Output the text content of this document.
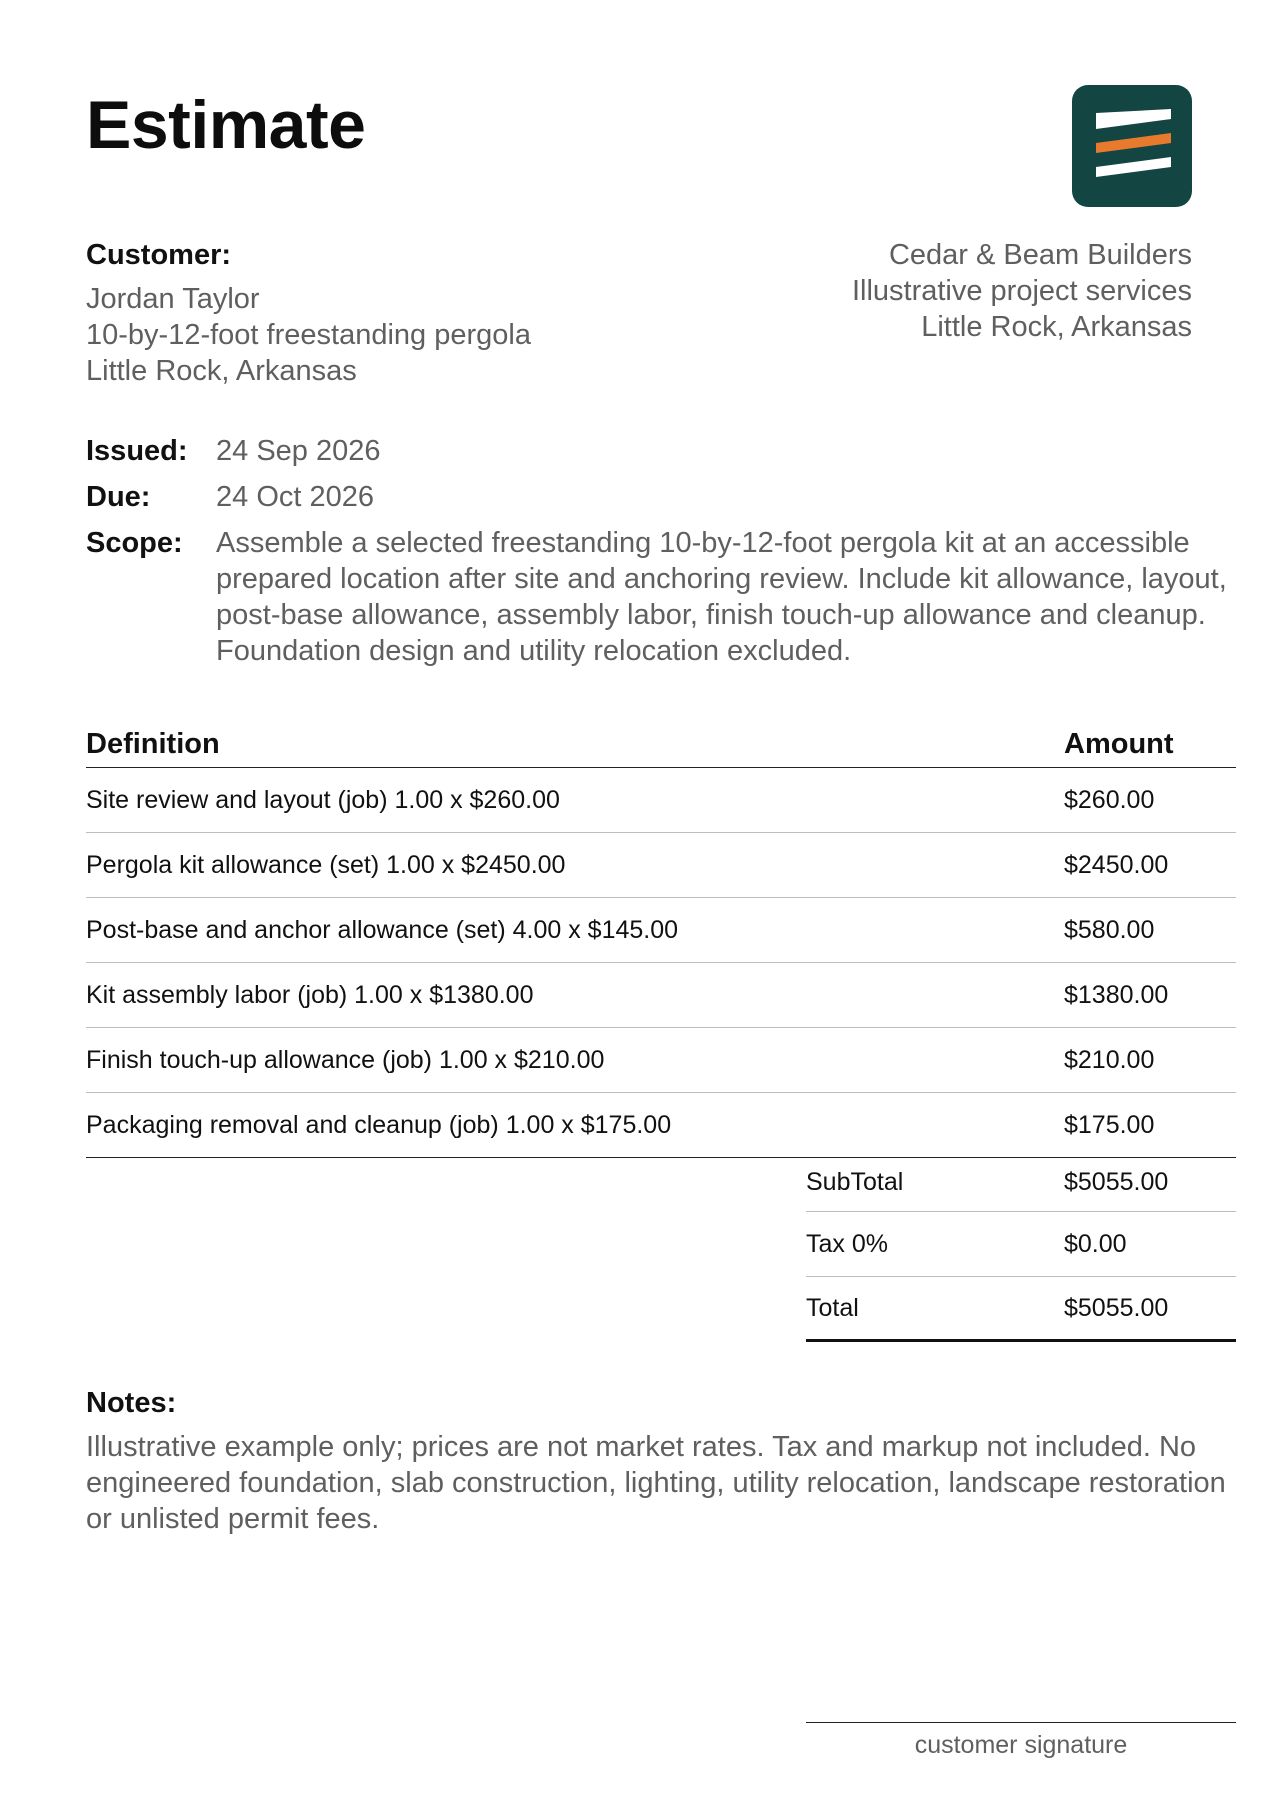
Estimate
Customer:
Jordan Taylor
10-by-12-foot freestanding pergola
Little Rock, Arkansas
Cedar & Beam Builders
Illustrative project services
Little Rock, Arkansas
Issued: 24 Sep 2026
Due:	24 Oct 2026
Scope:	Assemble a selected freestanding 10-by-12-foot pergola kit at an accessible prepared location after site and anchoring review. Include kit allowance, layout, post-base allowance, assembly labor, finish touch-up allowance and cleanup. Foundation design and utility relocation excluded.
Definition	Amount
Site review and layout (job) 1.00 x $260.00	$260.00
Pergola kit allowance (set) 1.00 x $2450.00	$2450.00
Post-base and anchor allowance (set) 4.00 x $145.00	$580.00
Kit assembly labor (job) 1.00 x $1380.00	$1380.00
Finish touch-up allowance (job) 1.00 x $210.00	$210.00
Packaging removal and cleanup (job) 1.00 x $175.00	$175.00
SubTotal	$5055.00
Tax 0%	$0.00
Total	$5055.00
Notes:
Illustrative example only; prices are not market rates. Tax and markup not included. No engineered foundation, slab construction, lighting, utility relocation, landscape restoration or unlisted permit fees.
customer signature
